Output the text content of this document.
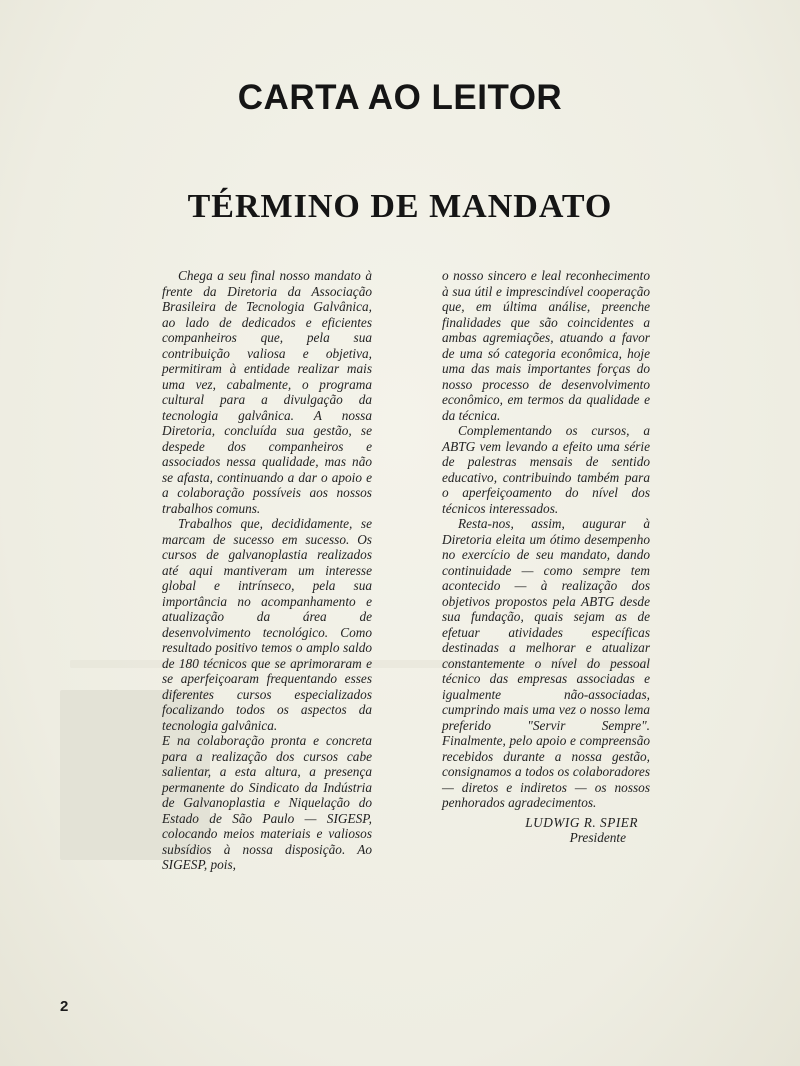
CARTA AO LEITOR
TÉRMINO DE MANDATO

Chega a seu final nosso mandato à frente da Diretoria da Associação Brasileira de Tecnologia Galvânica, ao lado de dedicados e eficientes companheiros que, pela sua contribuição valiosa e objetiva, permitiram à entidade realizar mais uma vez, cabalmente, o programa cultural para a divulgação da tecnologia galvânica. A nossa Diretoria, concluída sua gestão, se despede dos companheiros e associados nessa qualidade, mas não se afasta, continuando a dar o apoio e a colaboração possíveis aos nossos trabalhos comuns.

Trabalhos que, decididamente, se marcam de sucesso em sucesso. Os cursos de galvanoplastia realizados até aqui mantiveram um interesse global e intrínseco, pela sua importância no acompanhamento e atualização da área de desenvolvimento tecnológico. Como resultado positivo temos o amplo saldo de 180 técnicos que se aprimoraram e se aperfeiçoaram frequentando esses diferentes cursos especializados focalizando todos os aspectos da tecnologia galvânica.

E na colaboração pronta e concreta para a realização dos cursos cabe salientar, a esta altura, a presença permanente do Sindicato da Indústria de Galvanoplastia e Niquelação do Estado de São Paulo — SIGESP, colocando meios materiais e valiosos subsídios à nossa disposição. Ao SIGESP, pois,

o nosso sincero e leal reconhecimento à sua útil e imprescindível cooperação que, em última análise, preenche finalidades que são coincidentes a ambas agremiações, atuando a favor de uma só categoria econômica, hoje uma das mais importantes forças do nosso processo de desenvolvimento econômico, em termos da qualidade e da técnica.

Complementando os cursos, a ABTG vem levando a efeito uma série de palestras mensais de sentido educativo, contribuindo também para o aperfeiçoamento do nível dos técnicos interessados.

Resta-nos, assim, augurar à Diretoria eleita um ótimo desempenho no exercício de seu mandato, dando continuidade — como sempre tem acontecido — à realização dos objetivos propostos pela ABTG desde sua fundação, quais sejam as de efetuar atividades específicas destinadas a melhorar e atualizar constantemente o nível do pessoal técnico das empresas associadas e igualmente não-associadas, cumprindo mais uma vez o nosso lema preferido "Servir Sempre". Finalmente, pelo apoio e compreensão recebidos durante a nossa gestão, consignamos a todos os colaboradores — diretos e indiretos — os nossos penhorados agradecimentos.

LUDWIG R. SPIER
Presidente
2
